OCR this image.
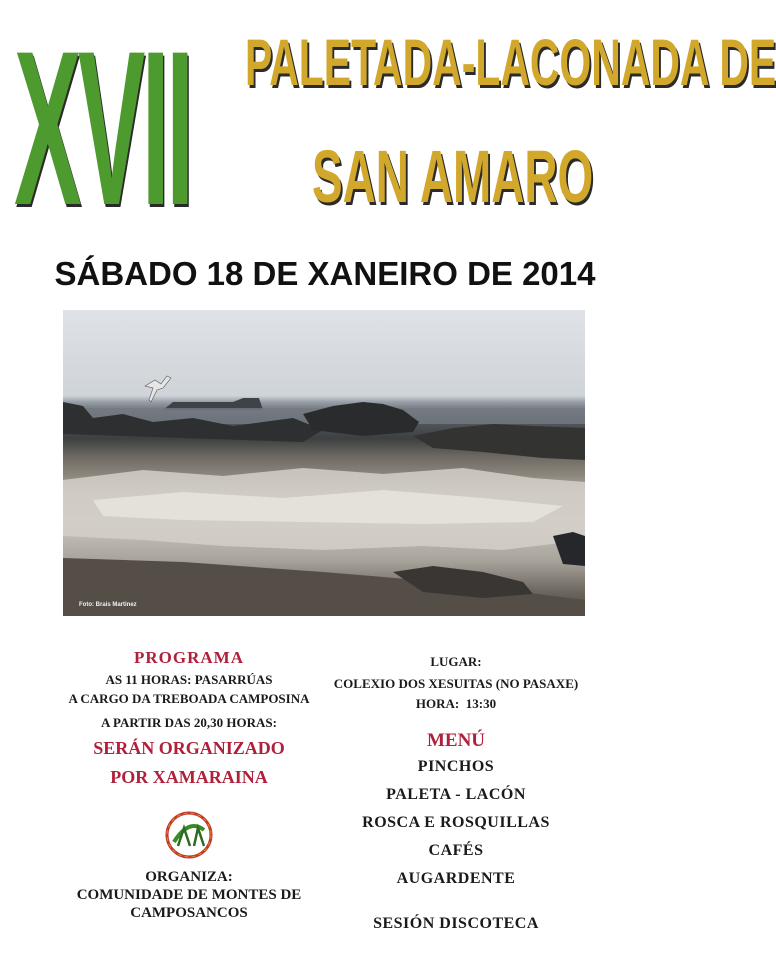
XVII PALETADA-LACONADA DE
SAN AMARO
SÁBADO 18 DE XANEIRO DE 2014
Foto: Brais Martinez
PROGRAMA
AS 11 HORAS: PASARRÚAS
A CARGO DA TREBOADA CAMPOSINA
A PARTIR DAS 20,30 HORAS:
SERÁN ORGANIZADO
POR XAMARAINA
ORGANIZA:
COMUNIDADE DE MONTES DE
CAMPOSANCOS
LUGAR:
COLEXIO DOS XESUITAS (NO PASAXE)
HORA:  13:30
MENÚ
PINCHOS
PALETA - LACÓN
ROSCA E ROSQUILLAS
CAFÉS
AUGARDENTE
SESIÓN DISCOTECA
